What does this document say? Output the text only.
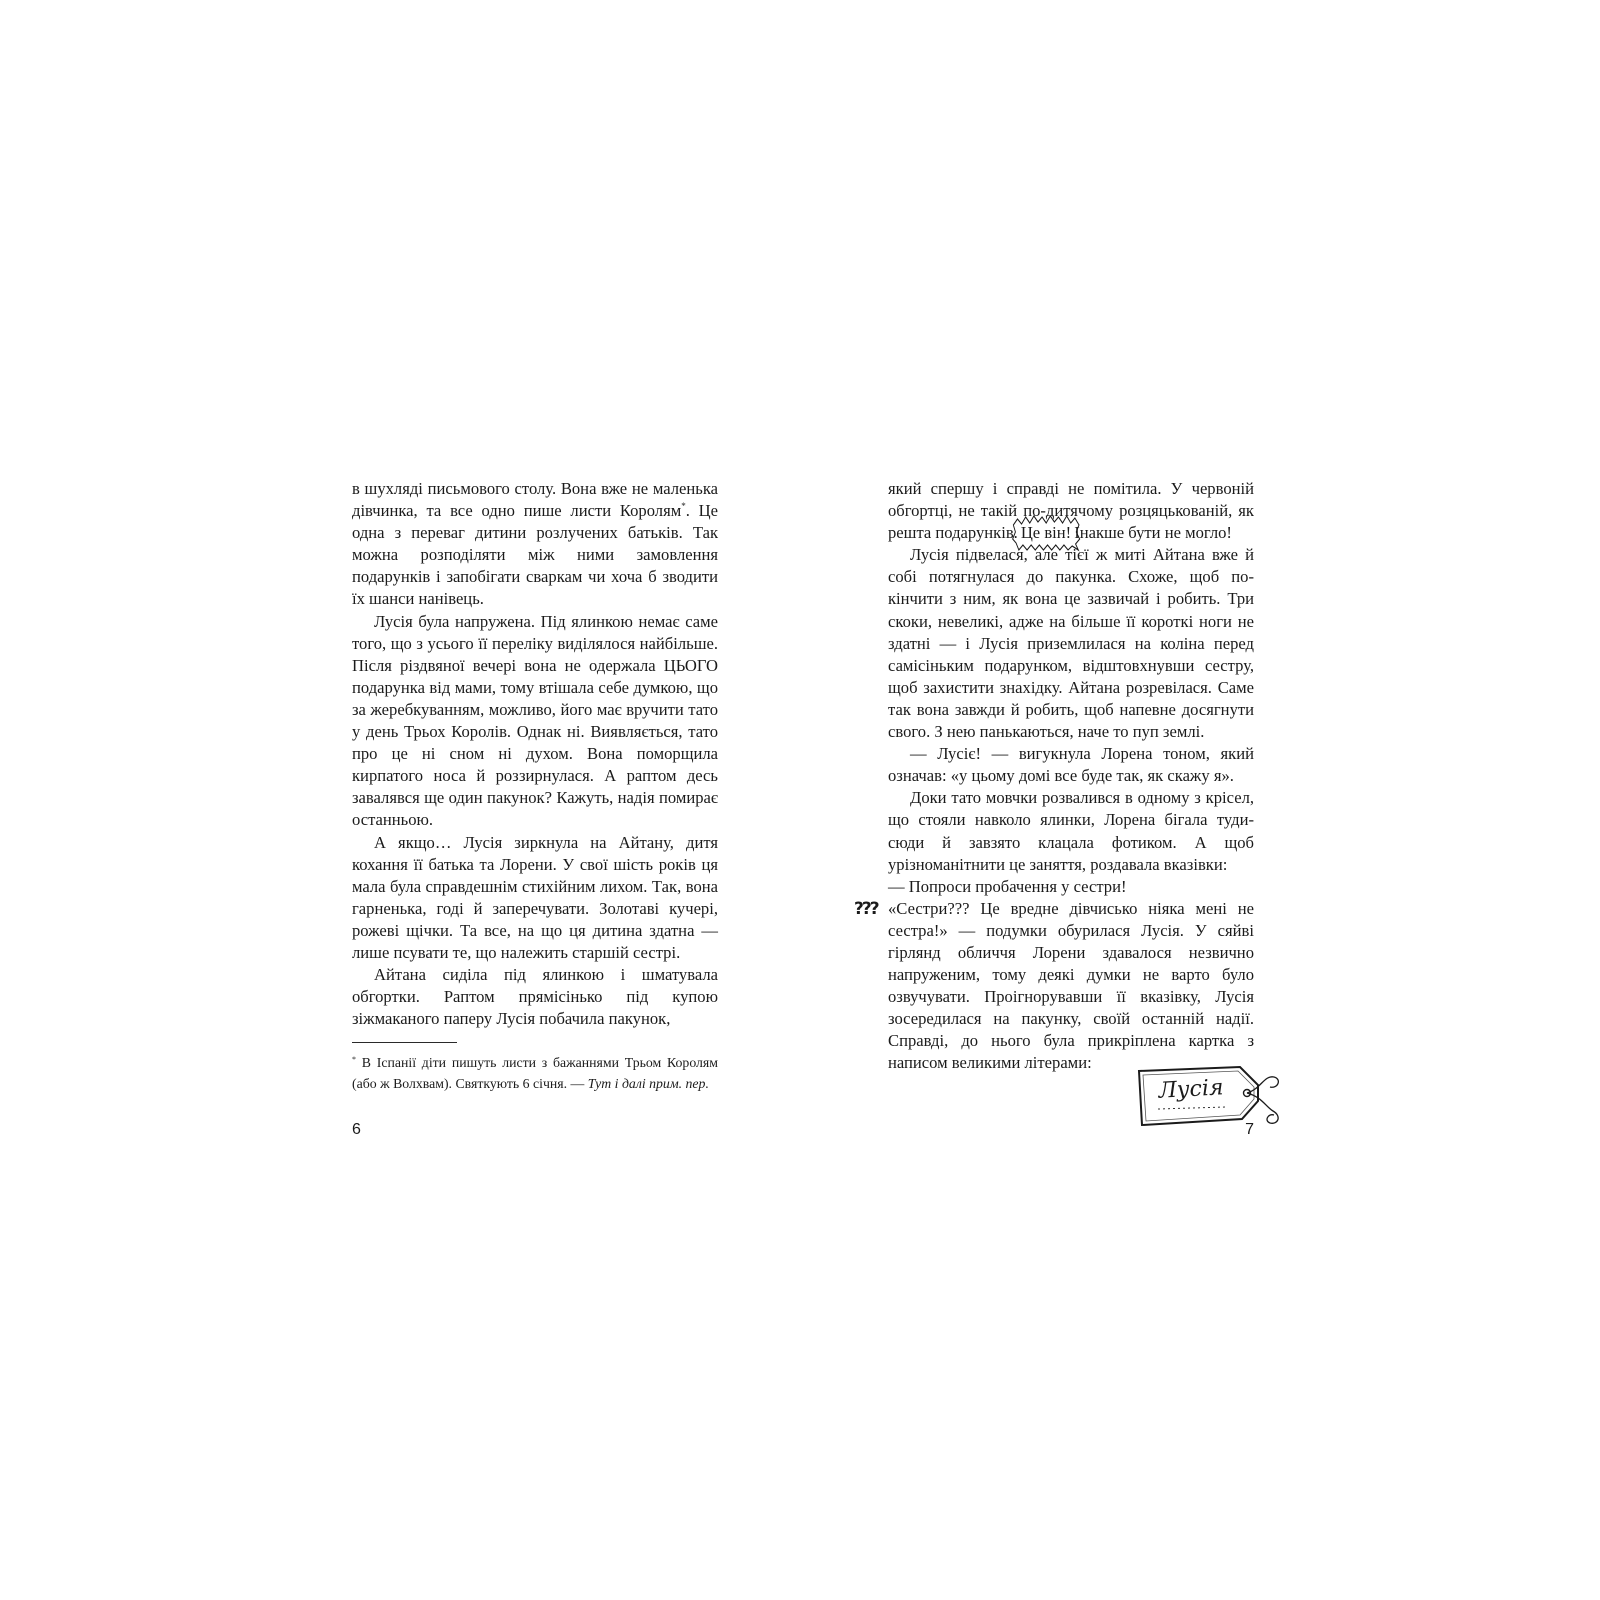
в шухляді письмового столу. Вона вже не маленька дівчинка, та все одно пише листи Королям*. Це одна з переваг дитини розлучених батьків. Так можна розподіляти між ними замовлення подарунків і запобігати сваркам чи хоча б зводити їх шанси нанівець.

Лусія була напружена. Під ялинкою немає саме того, що з усього її переліку виділялося найбільше. Після різдвяної вечері вона не одержала ЦЬОГО подарунка від мами, тому втішала себе думкою, що за жеребкуванням, можливо, його має вручити тато у день Трьох Королів. Однак ні. Виявляється, тато про це ні сном ні духом. Вона поморщила кирпатого носа й роззирнулася. А раптом десь завалявся ще один пакунок? Кажуть, надія помирає останньою.

А якщо… Лусія зиркнула на Айтану, дитя кохання її батька та Лорени. У свої шість років ця мала була справдешнім стихійним лихом. Так, вона гарненька, годі й заперечувати. Золотаві кучері, рожеві щічки. Та все, на що ця дитина здатна — лише псувати те, що належить старшій сестрі.

Айтана сиділа під ялинкою і шматувала обгортки. Раптом прямісінько під купою зіжмаканого паперу Лусія побачила пакунок,

* В Іспанії діти пишуть листи з бажаннями Трьом Королям (або ж Волхвам). Святкують 6 січня. — Тут і далі прим. пер.

6

який спершу і справді не помітила. У червоній обгортці, не такій по-дитячому розцяцькованій, як решта подарунків. Це він! Інакше бути не могло!

Лусія підвелася, але тієї ж миті Айтана вже й собі потягнулася до пакунка. Схоже, щоб покінчити з ним, як вона це зазвичай і робить. Три скоки, невеликі, адже на більше її короткі ноги не здатні — і Лусія приземлилася на коліна перед самісіньким подарунком, відштовхнувши сестру, щоб захистити знахідку. Айтана розревілася. Саме так вона завжди й робить, щоб напевне досягнути свого. З нею панькаються, наче то пуп землі.

— Лусіє! — вигукнула Лорена тоном, який означав: «у цьому домі все буде так, як скажу я».

Доки тато мовчки розвалився в одному з крісел, що стояли навколо ялинки, Лорена бігала туди-сюди й завзято клацала фотиком. А щоб урізноманітнити це заняття, роздавала вказівки:

— Попроси пробачення у сестри!

??? «Сестри??? Це вредне дівчисько ніяка мені не сестра!» — подумки обурилася Лусія. У сяйві гірлянд обличчя Лорени здавалося незвично напруженим, тому деякі думки не варто було озвучувати. Проігнорувавши її вказівку, Лусія зосередилася на пакунку, своїй останній надії. Справді, до нього була прикріплена картка з написом великими літерами:

7
Лусія
